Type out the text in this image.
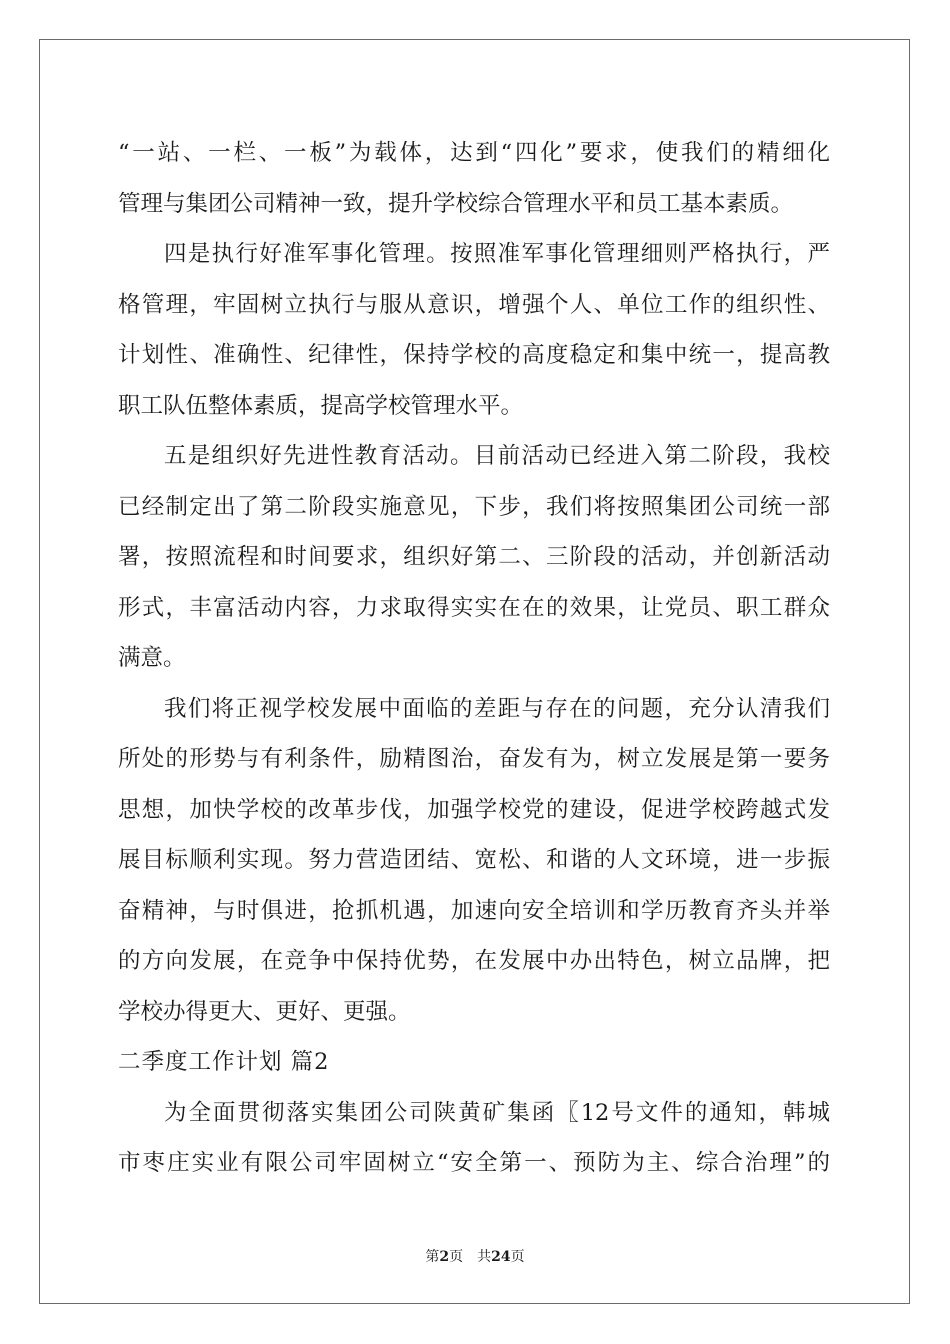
“一站、一栏、一板”为载体，达到“四化”要求，使我们的精细化
管理与集团公司精神一致，提升学校综合管理水平和员工基本素质。
四是执行好准军事化管理。按照准军事化管理细则严格执行，严
格管理，牢固树立执行与服从意识，增强个人、单位工作的组织性、
计划性、准确性、纪律性，保持学校的高度稳定和集中统一，提高教
职工队伍整体素质，提高学校管理水平。
五是组织好先进性教育活动。目前活动已经进入第二阶段，我校
已经制定出了第二阶段实施意见，下步，我们将按照集团公司统一部
署，按照流程和时间要求，组织好第二、三阶段的活动，并创新活动
形式，丰富活动内容，力求取得实实在在的效果，让党员、职工群众
满意。
我们将正视学校发展中面临的差距与存在的问题，充分认清我们
所处的形势与有利条件，励精图治，奋发有为，树立发展是第一要务
思想，加快学校的改革步伐，加强学校党的建设，促进学校跨越式发
展目标顺利实现。努力营造团结、宽松、和谐的人文环境，进一步振
奋精神，与时俱进，抢抓机遇，加速向安全培训和学历教育齐头并举
的方向发展，在竞争中保持优势，在发展中办出特色，树立品牌，把
学校办得更大、更好、更强。
二季度工作计划 篇2
为全面贯彻落实集团公司陕黄矿集函〖12号文件的通知，韩城
市枣庄实业有限公司牢固树立“安全第一、预防为主、综合治理”的
第2页 共24页
